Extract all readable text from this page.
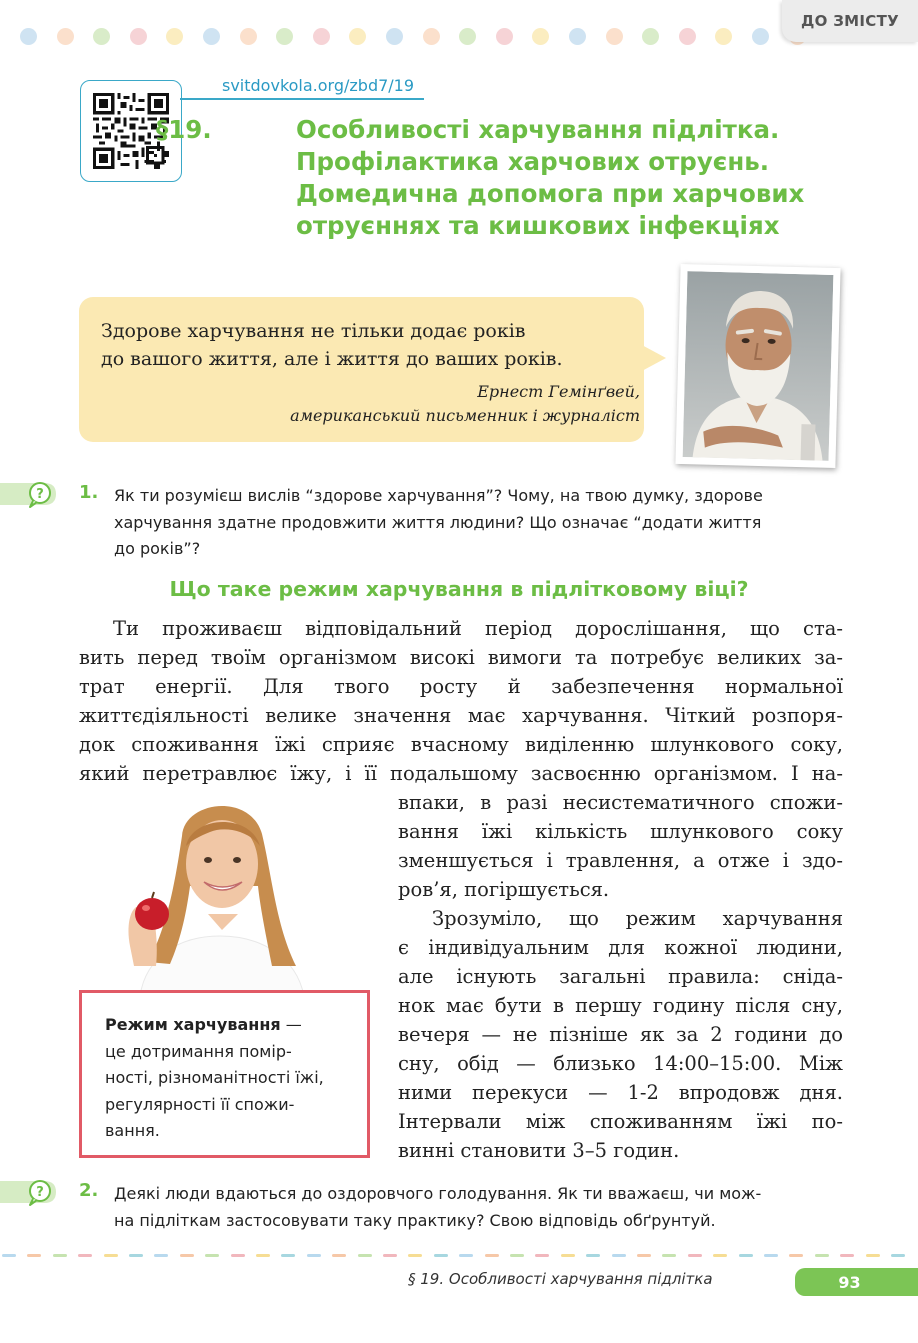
ДО ЗМІСТУ
svitdovkola.org/zbd7/19
§19.	Особливості харчування підлітка.
Профілактика харчових отруєнь.
Домедична допомога при харчових
отруєннях та кишкових інфекціях
Здорове харчування не тільки додає років
до вашого життя, але і життя до ваших років.
Ернест Гемінґвей,
американський письменник і журналіст
? 1. Як ти розумієш вислів “здорове харчування”? Чому, на твою думку, здорове
харчування здатне продовжити життя людини? Що означає “додати життя
до років”?
Що таке режим харчування в підлітковому віці?
Ти проживаєш відповідальний період дорослішання, що ста-
вить перед твоїм організмом високі вимоги та потребує великих за-
трат енергії. Для твого росту й забезпечення нормальної
життєдіяльності велике значення має харчування. Чіткий розпоря-
док споживання їжі сприяє вчасному виділенню шлункового соку,
який перетравлює їжу, і її подальшому засвоєнню організмом. І на-
впаки, в разі несистематичного спожи-
вання їжі кількість шлункового соку
зменшується і травлення, а отже і здо-
ров’я, погіршується.
Зрозуміло, що режим харчування
є індивідуальним для кожної людини,
але існують загальні правила: сніда-
нок має бути в першу годину після сну,
вечеря — не пізніше як за 2 години до
сну, обід — близько 14:00–15:00. Між
ними перекуси — 1-2 впродовж дня.
Інтервали між споживанням їжі по-
винні становити 3–5 годин.
Режим харчування —
це дотримання помір-
ності, різноманітності їжі,
регулярності її спожи-
вання.
? 2. Деякі люди вдаються до оздоровчого голодування. Як ти вважаєш, чи мож-
на підліткам застосовувати таку практику? Свою відповідь обґрунтуй.
§ 19. Особливості харчування підлітка	93
